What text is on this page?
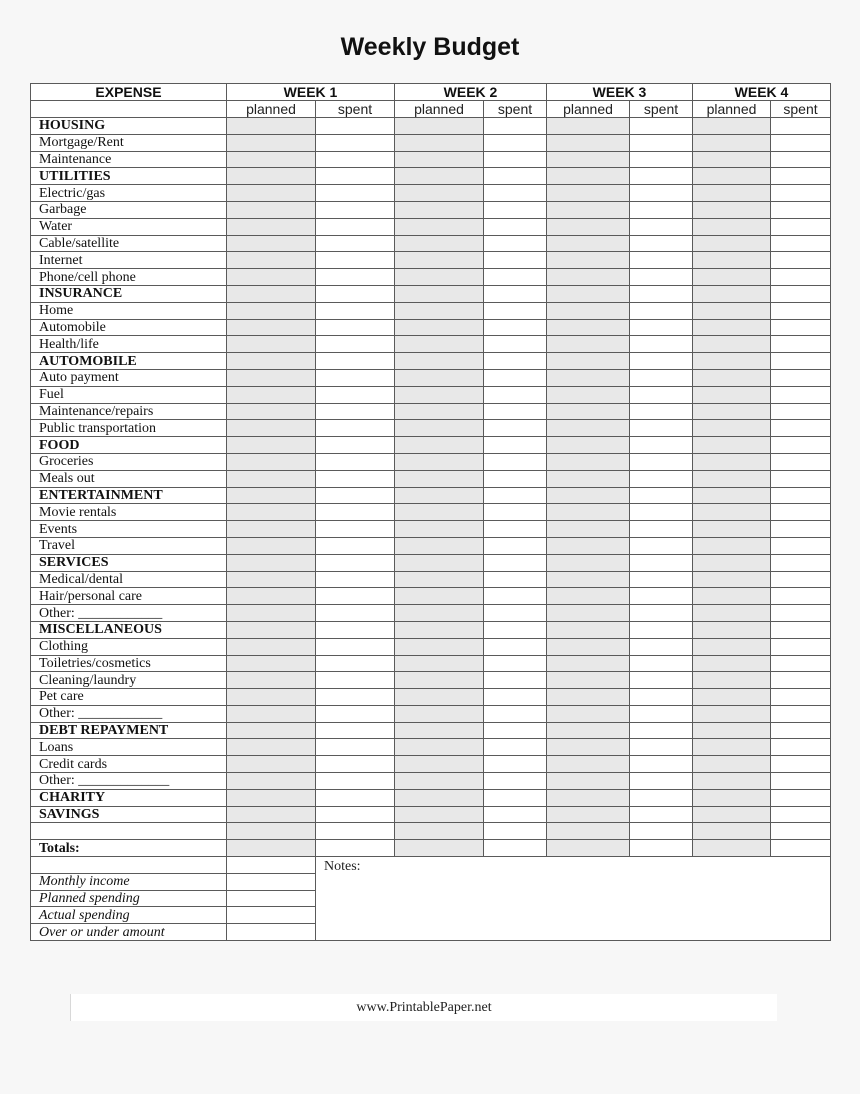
Weekly Budget
EXPENSE	WEEK 1		WEEK 2		WEEK 3		WEEK 4	
	planned	spent	planned	spent	planned	spent	planned	spent
HOUSING								
Mortgage/Rent								
Maintenance								
UTILITIES								
Electric/gas								
Garbage								
Water								
Cable/satellite								
Internet								
Phone/cell phone								
INSURANCE								
Home								
Automobile								
Health/life								
AUTOMOBILE								
Auto payment								
Fuel								
Maintenance/repairs								
Public transportation								
FOOD								
Groceries								
Meals out								
ENTERTAINMENT								
Movie rentals								
Events								
Travel								
SERVICES								
Medical/dental								
Hair/personal care								
Other: ____________								
MISCELLANEOUS								
Clothing								
Toiletries/cosmetics								
Cleaning/laundry								
Pet care								
Other: ____________								
DEBT REPAYMENT								
Loans								
Credit cards								
Other: _____________								
CHARITY								
SAVINGS								

Totals:								
		Notes:						
Monthly income								
Planned spending								
Actual spending								
Over or under amount								
www.PrintablePaper.net
